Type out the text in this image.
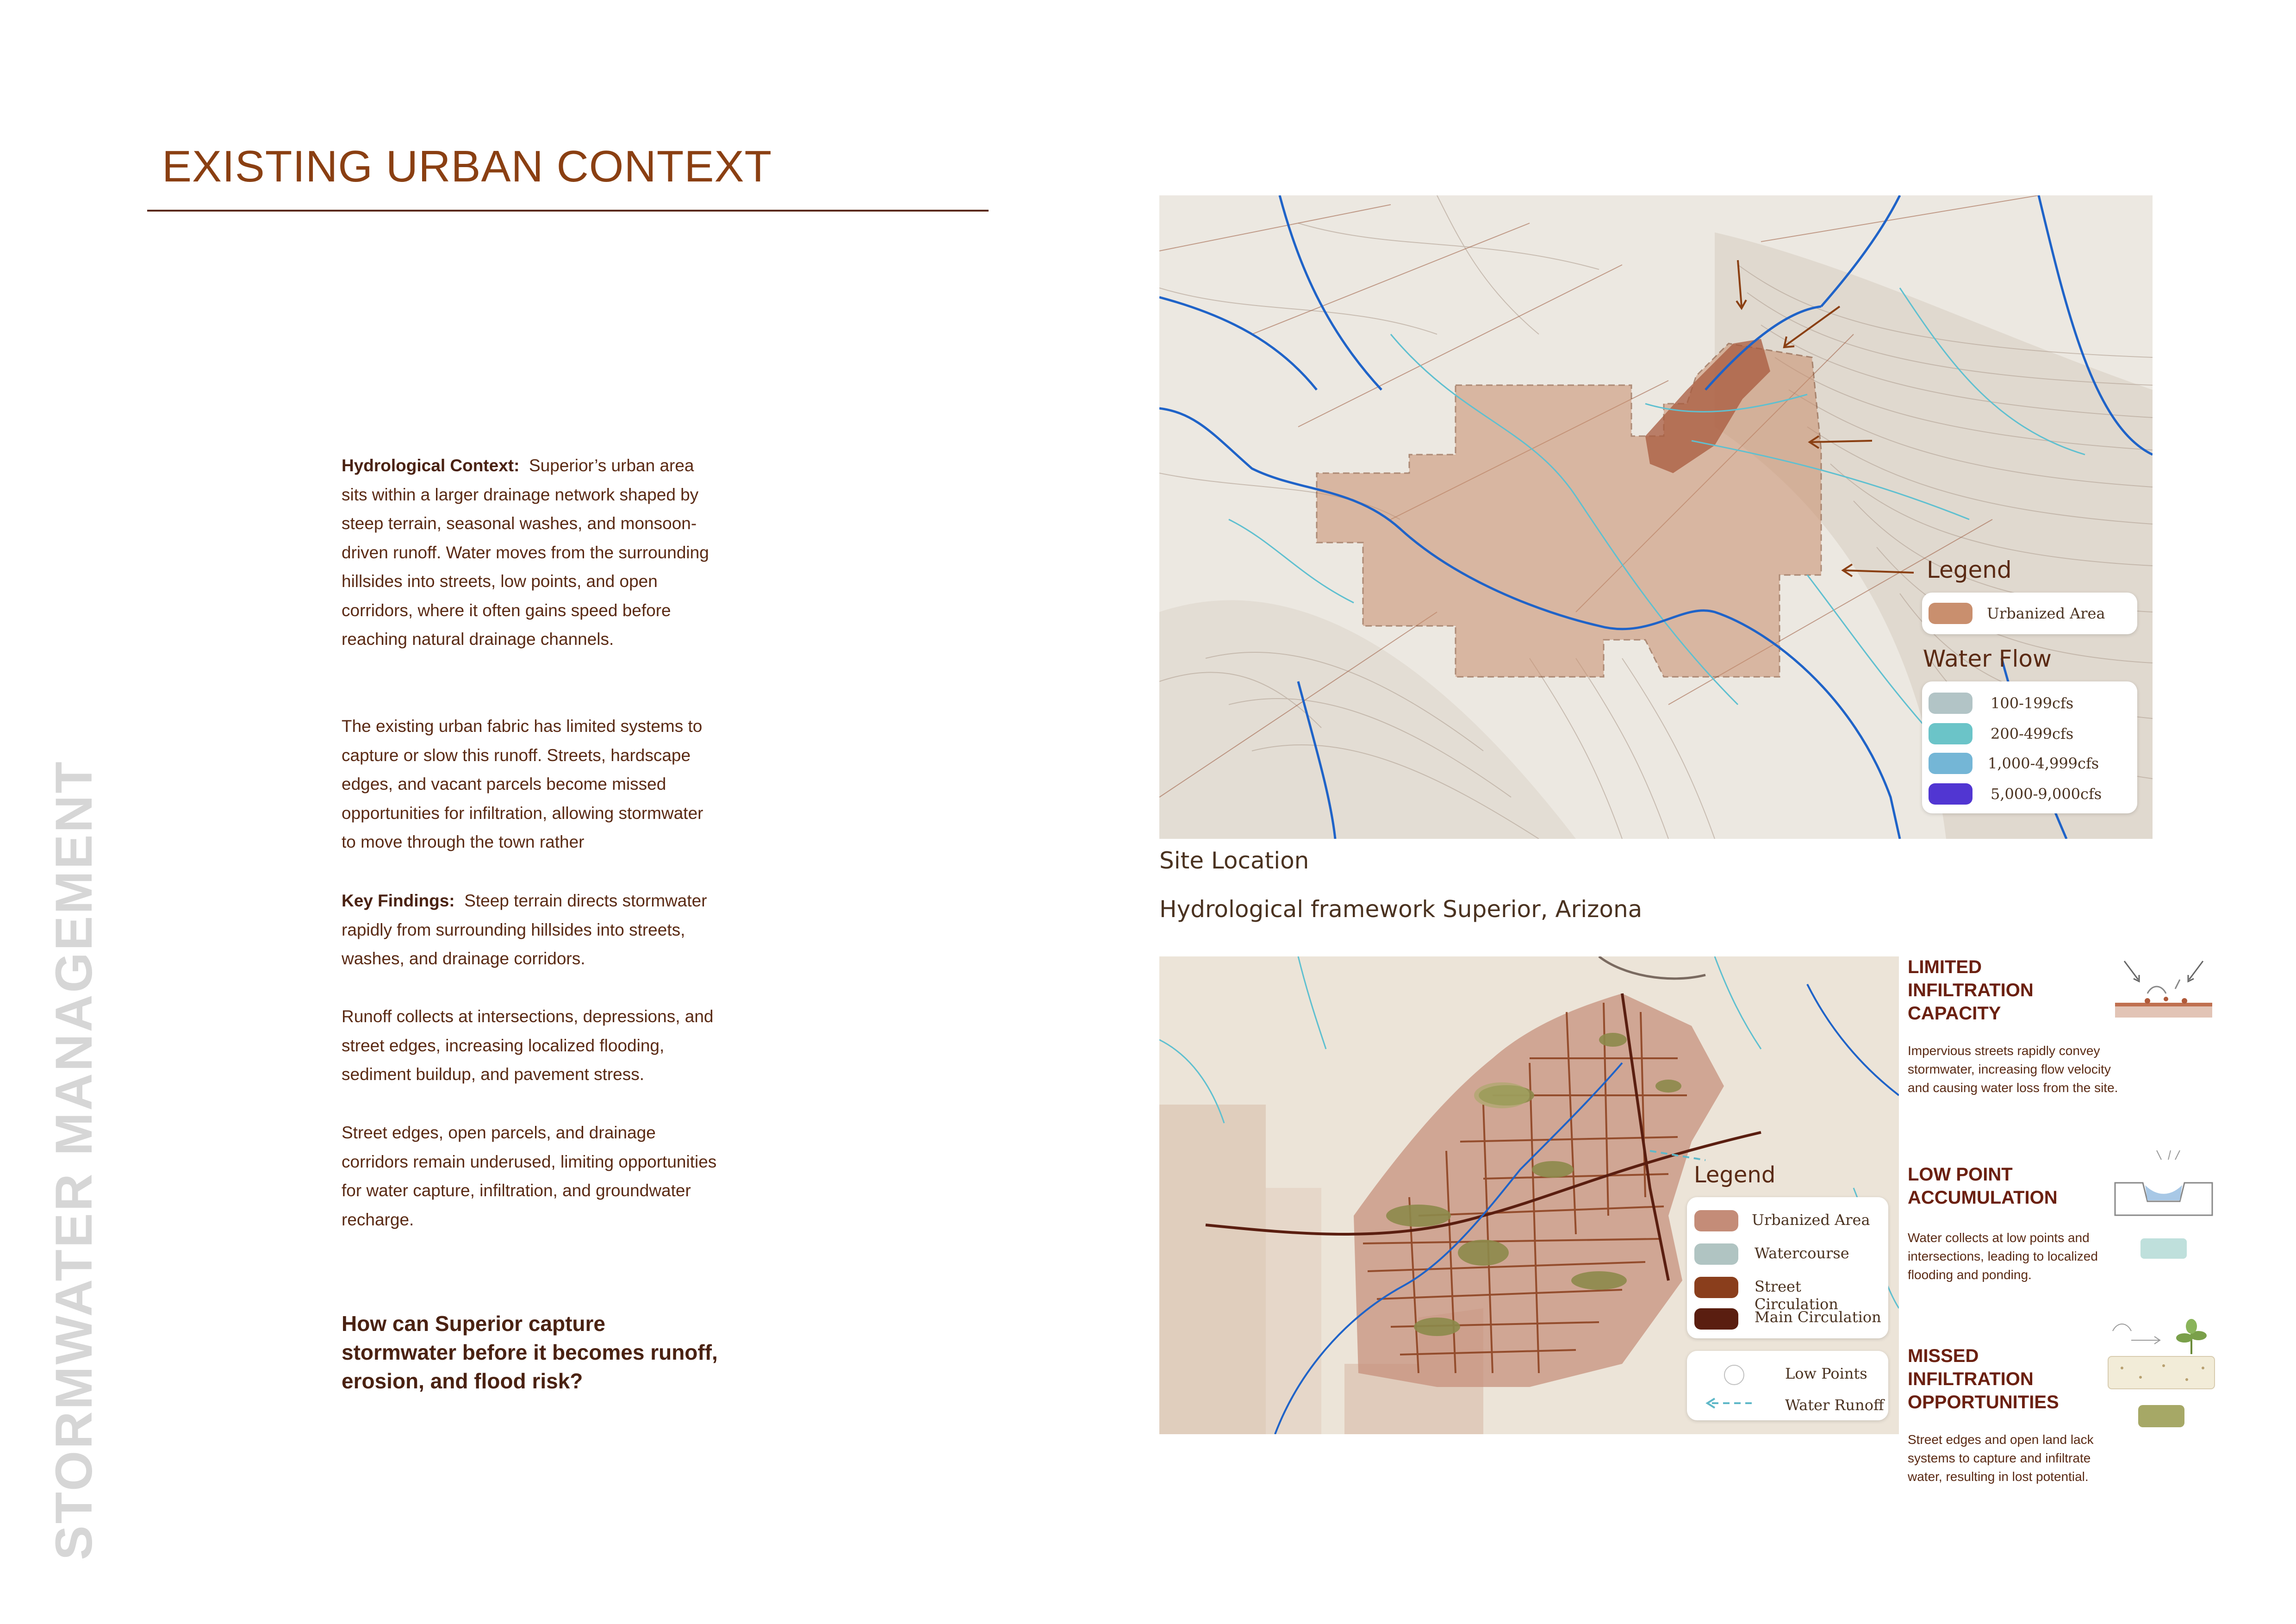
EXISTING URBAN CONTEXT
STORMWATER MANAGEMENT
Hydrological Context: Superior’s urban area sits within a larger drainage network shaped by steep terrain, seasonal washes, and monsoon-driven runoff. Water moves from the surrounding hillsides into streets, low points, and open corridors, where it often gains speed before reaching natural drainage channels.
The existing urban fabric has limited systems to capture or slow this runoff. Streets, hardscape edges, and vacant parcels become missed opportunities for infiltration, allowing stormwater to move through the town rather
Key Findings: Steep terrain directs stormwater rapidly from surrounding hillsides into streets, washes, and drainage corridors.
Runoff collects at intersections, depressions, and street edges, increasing localized flooding, sediment buildup, and pavement stress.
Street edges, open parcels, and drainage corridors remain underused, limiting opportunities for water capture, infiltration, and groundwater recharge.
How can Superior capture stormwater before it becomes runoff, erosion, and flood risk?
Legend
Urbanized Area
Water Flow
100-199cfs
200-499cfs
1,000-4,999cfs
5,000-9,000cfs
Site Location
Hydrological framework Superior, Arizona
Legend
Urbanized Area
Watercourse
Street Circulation
Main Circulation
Low Points
Water Runoff
LIMITED INFILTRATION CAPACITY
Impervious streets rapidly convey stormwater, increasing flow velocity and causing water loss from the site.
LOW POINT ACCUMULATION
Water collects at low points and intersections, leading to localized flooding and ponding.
MISSED INFILTRATION OPPORTUNITIES
Street edges and open land lack systems to capture and infiltrate water, resulting in lost potential.
